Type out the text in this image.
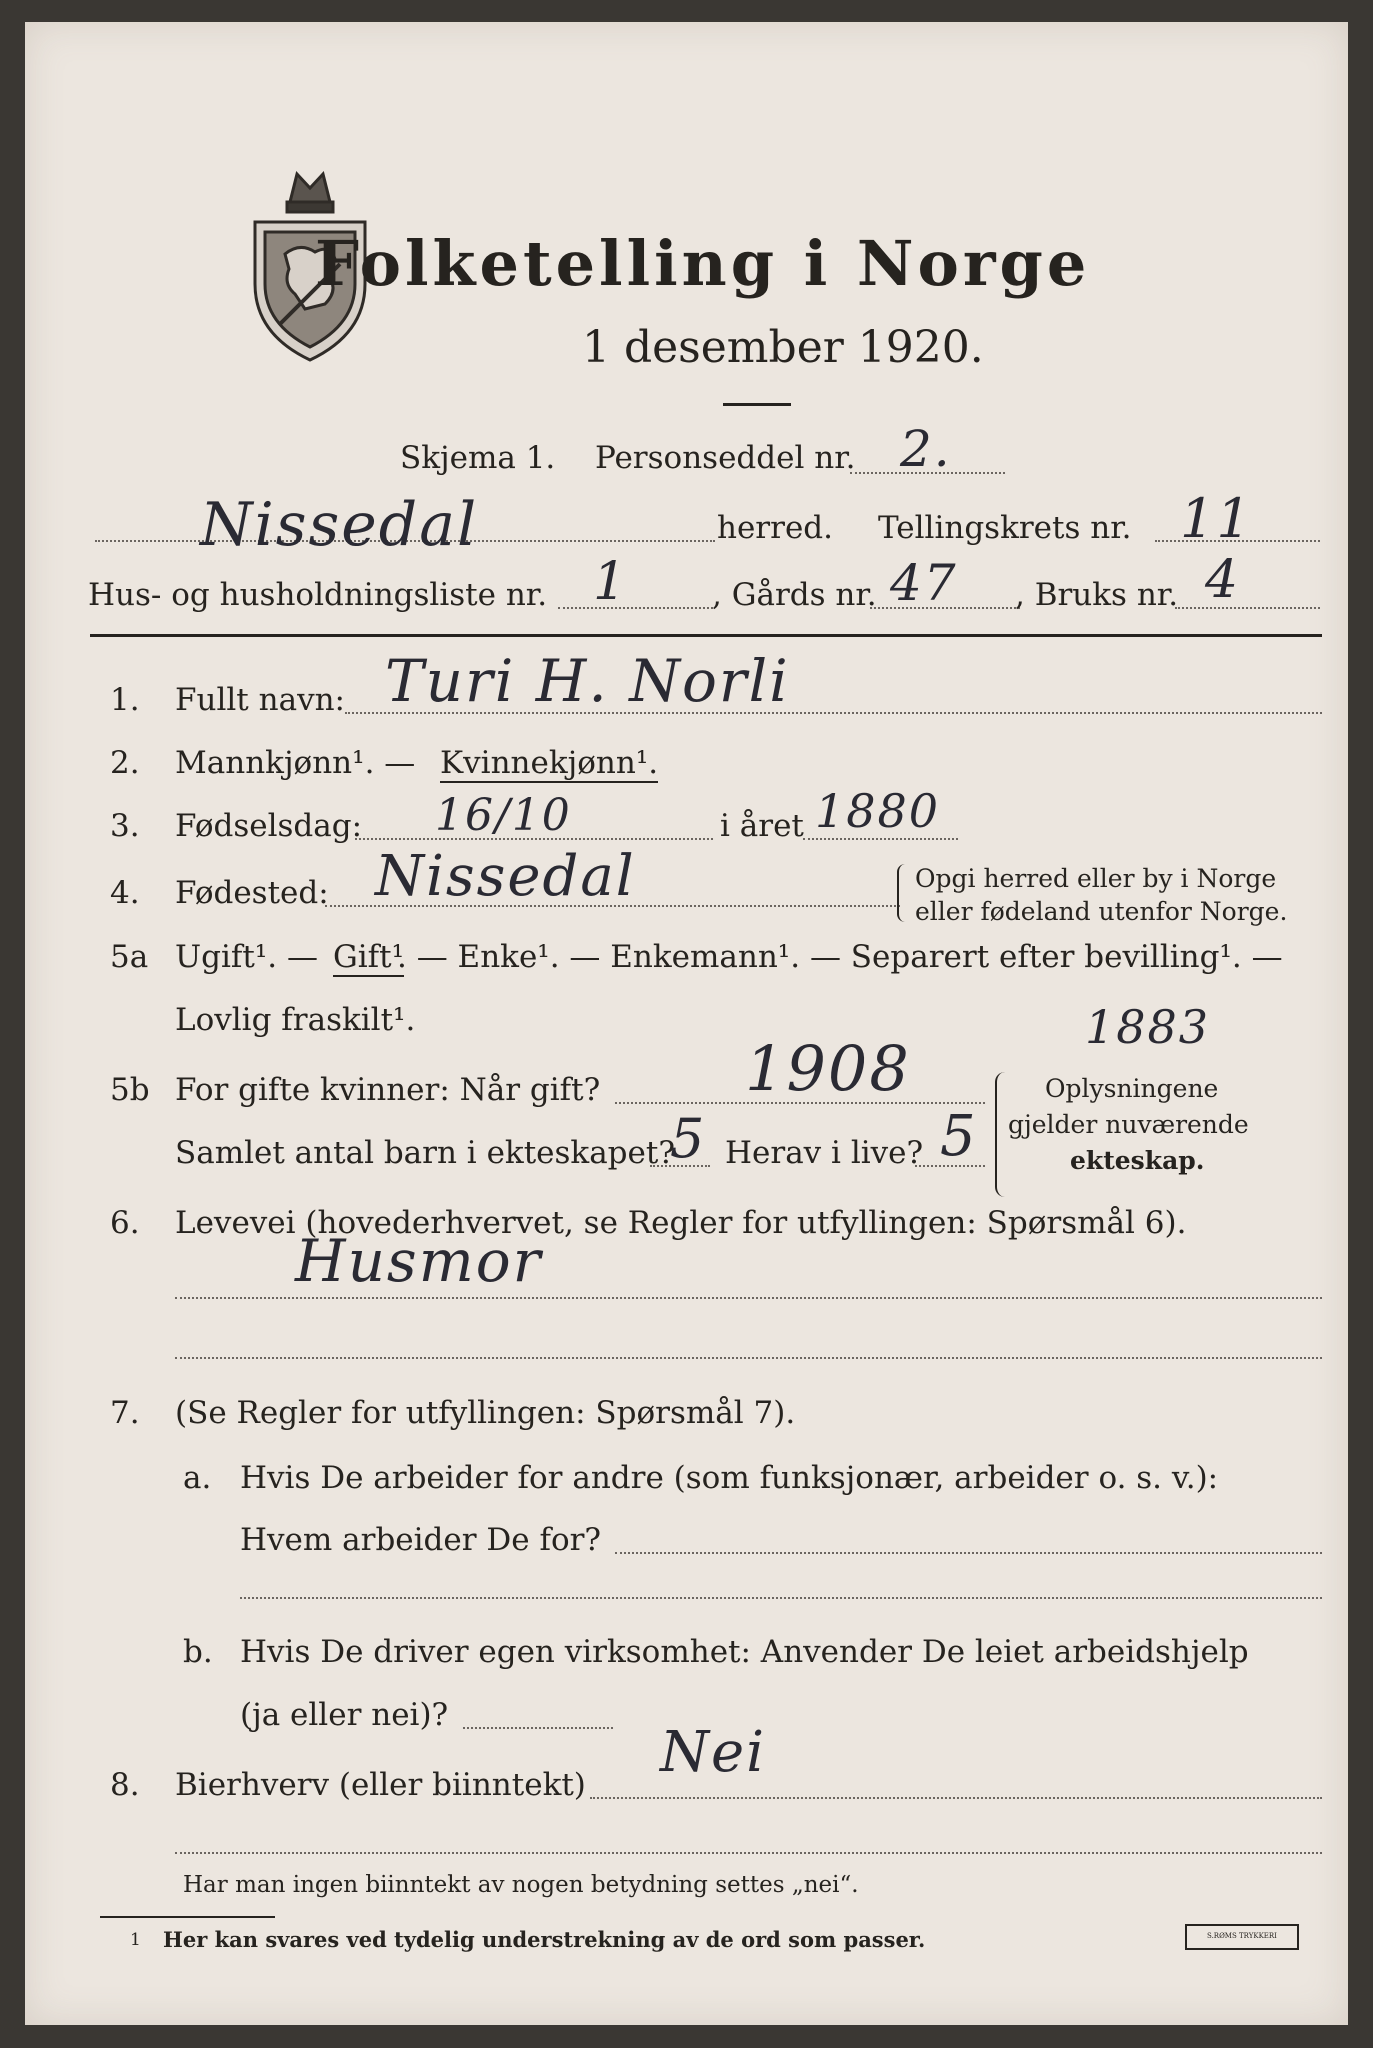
Folketelling i Norge
1 desember 1920.
Skjema 1. Personseddel nr. 2.
Nissedal	herred. Tellingskrets nr. 11
Hus- og husholdningsliste nr. 1	, Gårds nr. 47 , Bruks nr. 4
1. Fullt navn: Turi H. Norli
2. Mannkjønn¹. — Kvinnekjønn¹.
3. Fødselsdag: 16/10	i året 1880
4. Fødested: Nissedal	Opgi herred eller by i Norge
eller fødeland utenfor Norge.
5a Ugift¹. — Gift¹
. — Enke¹. — Enkemann¹. — Separert efter bevilling¹. —
Lovlig fraskilt¹.	1883
5b For gifte kvinner: Når gift? 1908
Samlet antal barn i ekteskapet?
5 Herav i live? 5
Oplysningene
gjelder nuværende
ekteskap.
6. Levevei (hovederhvervet, se Regler for utfyllingen: Spørsmål 6).
Husmor
7. (Se Regler for utfyllingen: Spørsmål 7).
a. Hvis De arbeider for andre (som funksjonær, arbeider o. s. v.):
Hvem arbeider De for?
b. Hvis De driver egen virksomhet: Anvender De leiet arbeidshjelp
(ja eller nei)?
8. Bierhverv (eller biinntekt) Nei
Har man ingen biinntekt av nogen betydning settes „nei“.
1 Her kan svares ved tydelig understrekning av de ord som passer.	S.RØMS TRYKKERI
